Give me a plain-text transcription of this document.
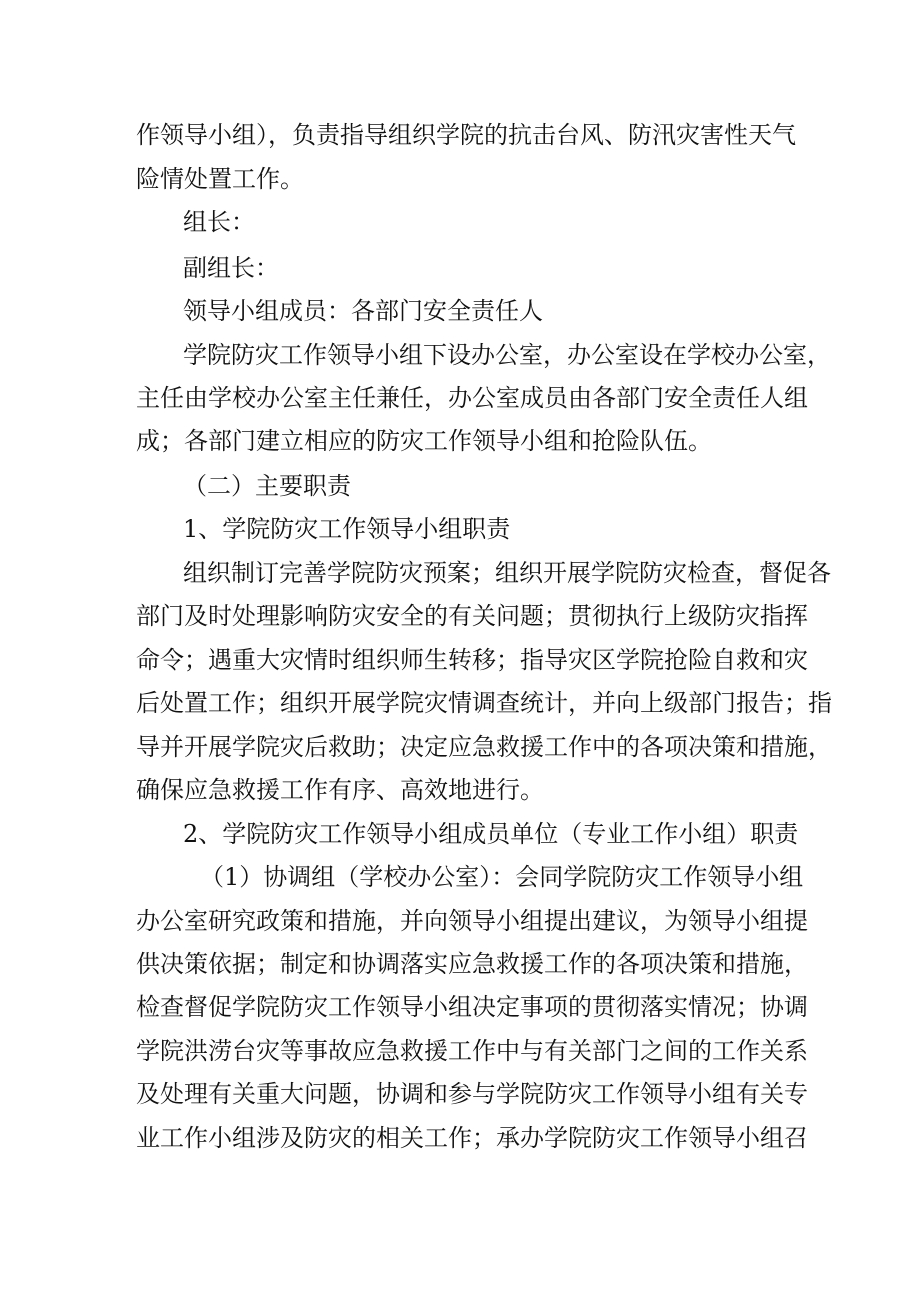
作领导小组），负责指导组织学院的抗击台风、防汛灾害性天气
险情处置工作。
组长：
副组长：
领导小组成员：各部门安全责任人
学院防灾工作领导小组下设办公室，办公室设在学校办公室，
主任由学校办公室主任兼任，办公室成员由各部门安全责任人组
成；各部门建立相应的防灾工作领导小组和抢险队伍。
（二）主要职责
1、学院防灾工作领导小组职责
组织制订完善学院防灾预案；组织开展学院防灾检查，督促各
部门及时处理影响防灾安全的有关问题；贯彻执行上级防灾指挥
命令；遇重大灾情时组织师生转移；指导灾区学院抢险自救和灾
后处置工作；组织开展学院灾情调查统计，并向上级部门报告；指
导并开展学院灾后救助；决定应急救援工作中的各项决策和措施，
确保应急救援工作有序、高效地进行。
2、学院防灾工作领导小组成员单位（专业工作小组）职责
（1）协调组（学校办公室）：会同学院防灾工作领导小组
办公室研究政策和措施，并向领导小组提出建议，为领导小组提
供决策依据；制定和协调落实应急救援工作的各项决策和措施，
检查督促学院防灾工作领导小组决定事项的贯彻落实情况；协调
学院洪涝台灾等事故应急救援工作中与有关部门之间的工作关系
及处理有关重大问题，协调和参与学院防灾工作领导小组有关专
业工作小组涉及防灾的相关工作；承办学院防灾工作领导小组召
